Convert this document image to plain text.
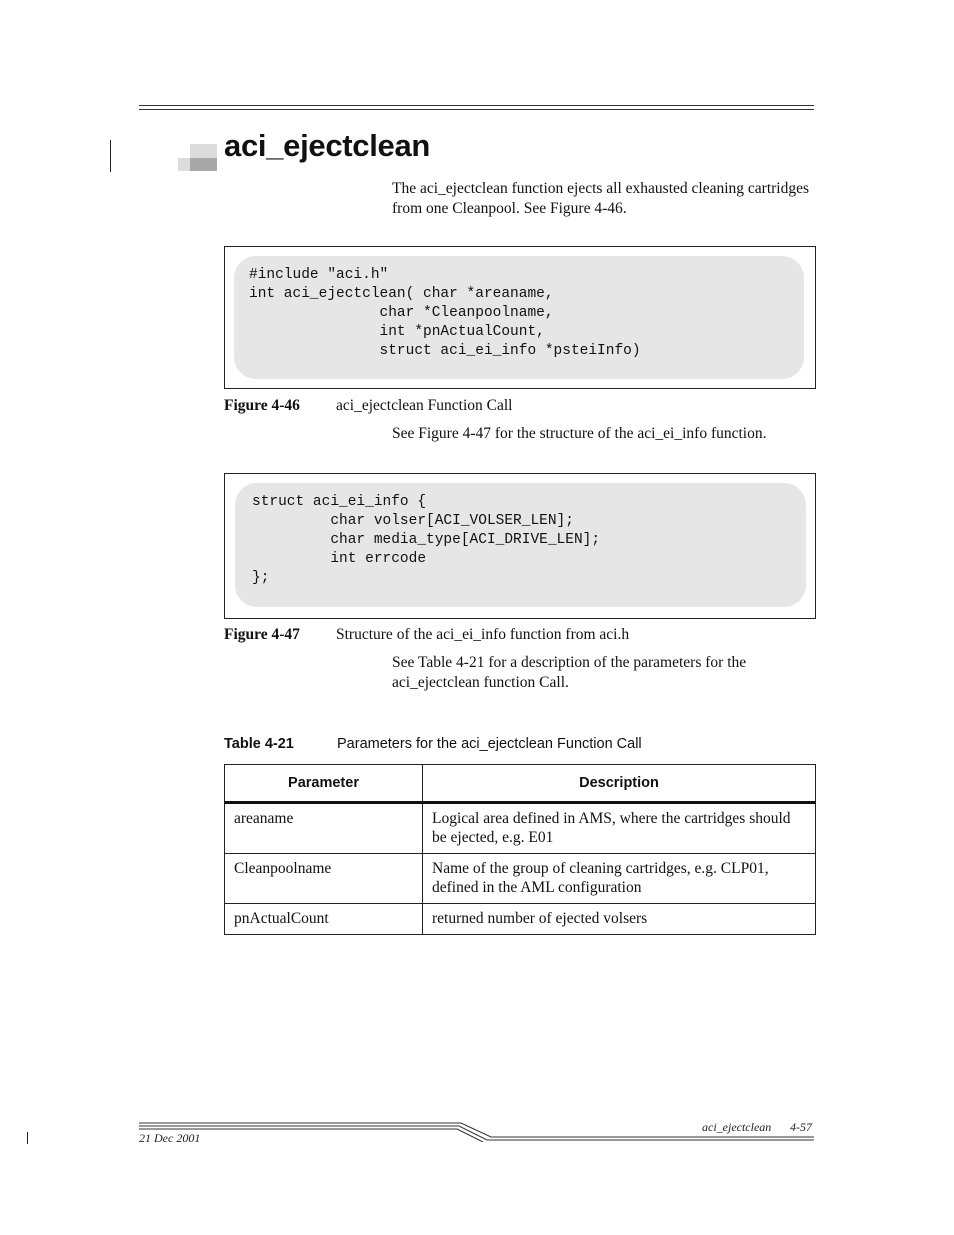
aci_ejectclean
The aci_ejectclean function ejects all exhausted cleaning cartridges from one Cleanpool. See Figure 4-46.
#include "aci.h"
int aci_ejectclean( char *areaname,
char *Cleanpoolname,
int *pnActualCount,
struct aci_ei_info *psteiInfo)
Figure 4-46 aci_ejectclean Function Call
See Figure 4-47 for the structure of the aci_ei_info function.
struct aci_ei_info {
char volser[ACI_VOLSER_LEN];
char media_type[ACI_DRIVE_LEN];
int errcode
};
Figure 4-47 Structure of the aci_ei_info function from aci.h
See Table 4-21 for a description of the parameters for the aci_ejectclean function Call.
Table 4-21	Parameters for the aci_ejectclean Function Call
Parameter	Description
areaname	Logical area defined in AMS, where the cartridges should be ejected, e.g. E01
Cleanpoolname	Name of the group of cleaning cartridges, e.g. CLP01, defined in the AML configuration
pnActualCount	returned number of ejected volsers
aci_ejectclean 4-57
21 Dec 2001
